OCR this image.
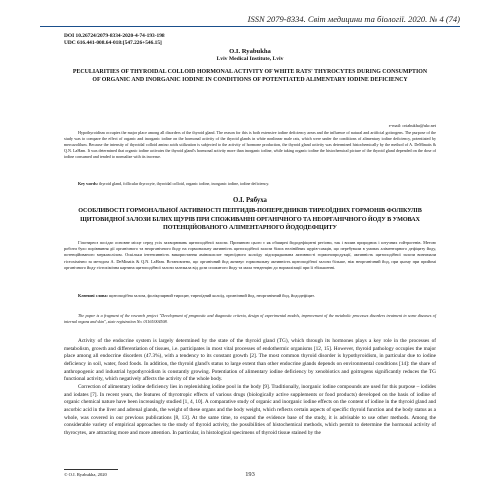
ISSN 2079-8334. Світ медицини та біології. 2020. № 4 (74)
DOI 10.26724/2079-8334-2020-4-74-193-198
UDC 616.441-008.64-018:[547.226+546.15]
O.I. Ryabukha
Lviv Medical Institute, Lviv
PECULIARITIES OF THYROIDAL COLLOID HORMONAL ACTIVITY OF WHITE RATS' THYROCYTES DURING CONSUMPTION OF ORGANIC AND INORGANIC IODINE IN CONDITIONS OF POTENTIATED ALIMENTARY IODINE DEFICIENCY
e-mail: oriabukha@ukr.net
Hypothyroidism occupies the major place among all disorders of the thyroid gland. The reason for this is both extensive iodine deficiency areas and the influence of natural and artificial goitrogens. The purpose of the study was to compare the effect of organic and inorganic iodine on the hormonal activity of the thyroid glands in white nonlinear male rats, which were under the conditions of alimentary iodine deficiency, potentiated by mercazolilum. Because the intensity of thyroidal colloid amino acids utilization is subjected to the activity of hormone production, the thyroid gland activity was determined histochemically by the method of A. DeMinatis & Q.N. LaHam. It was determined that organic iodine activates the thyroid gland's hormonal activity more than inorganic iodine, while taking organic iodine the histochemical picture of the thyroid gland depended on the dose of iodine consumed and tended to normalize with its increase.
Key words: thyroid gland, follicular thyrocyte, thyroidal colloid, organic iodine, inorganic iodine, iodine deficiency.
О.І. Рябуха
ОСОБЛИВОСТІ ГОРМОНАЛЬНОЇ АКТИВНОСТІ ПЕПТИДІВ-ПОПЕРЕДНИКІВ ТИРЕОЇДНИХ ГОРМОНІВ ФОЛІКУЛІВ ЩИТОВИДНОЇ ЗАЛОЗИ БІЛИХ ЩУРІВ ПРИ СПОЖИВАННІ ОРГАНІЧНОГО ТА НЕОРГАНІЧНОГО ЙОДУ В УМОВАХ ПОТЕНЦІЙОВАНОГО АЛІМЕНТАРНОГО ЙОДОДЕФІЦИТУ
Гіпотиреоз посідає основне місце серед усіх захворювань щитоподібної залози. Причиною цього є як обширні йододефіцитні регіони, так і вплив природних і штучних гойтрогенів. Метою роботи було порівняння дії органічного та неорганічного йоду на гормональну активність щитоподібної залози білих нелінійних щурів-самців, що перебували в умовах аліментарного дефіциту йоду, потенційованого мерказолілом. Оскільки інтенсивність використання амінокислот тиреоїдного колоїду підпорядкована активності гормонопродукції, активність щитоподібної залози визначали гістохімічно за методом A. DeMinatis & Q.N. LaHam. Встановлено, що органічний йод активує гормональну активність щитоподібної залози більше, ніж неорганічний йод, при цьому при прийомі органічного йоду гістохімічна картина щитоподібної залози залежала від дози спожитого йоду та мала тенденцію до нормалізації при її збільшенні.
Ключові слова: щитоподібна залоза, фолікулярний тироцит, тиреоїдний колоїд, органічний йод, неорганічний йод, йододефіцит.
The paper is a fragment of the research project "Development of prognostic and diagnostic criteria, design of experimental models, improvement of the metabolic processes disorders treatment in some diseases of internal organs and skin", state registration No. 0116U004508.

Activity of the endocrine system is largely determined by the state of the thyroid gland (TG), which through its hormones plays a key role in the processes of metabolism, growth and differentiation of tissues, i.e. participates in most vital processes of endothermic organisms [12, 15]. However, thyroid pathology occupies the major place among all endocrine disorders (47.3%), with a tendency to its constant growth [2]. The most common thyroid disorder is hypothyroidism, in particular due to iodine deficiency in soil, water, food foods. In addition, the thyroid gland's status to large extent than other endocrine glands depends on environmental conditions [14]: the share of anthropogenic and industrial hypothyroidism is constantly growing. Potentiation of alimentary iodine deficiency by xenobiotics and goitrogens significantly reduces the TG functional activity, which negatively affects the activity of the whole body.

Correction of alimentary iodine deficiency lies in replenishing iodine pool in the body [9]. Traditionally, inorganic iodine compounds are used for this purpose – iodides and iodates [7]. In recent years, the features of thyrotropic effects of various drugs (biologically active supplements or food products) developed on the basis of iodine of organic chemical nature have been increasingly studied [1, 4, 10]. A comparative study of organic and inorganic iodine effects on the content of iodine in the thyroid gland and ascorbic acid in the liver and adrenal glands, the weight of these organs and the body weight, which reflects certain aspects of specific thyroid function and the body status as a whole, was covered in our previous publications [8, 13]. At the same time, to expand the evidence base of the study, it is advisable to use other methods. Among the considerable variety of empirical approaches to the study of thyroid activity, the possibilities of histochemical methods, which permit to determine the hormonal activity of thyrocytes, are attracting more and more attention. In particular, in histological specimens of thyroid tissue stained by the

© O.I. Ryabukha, 2020	193
